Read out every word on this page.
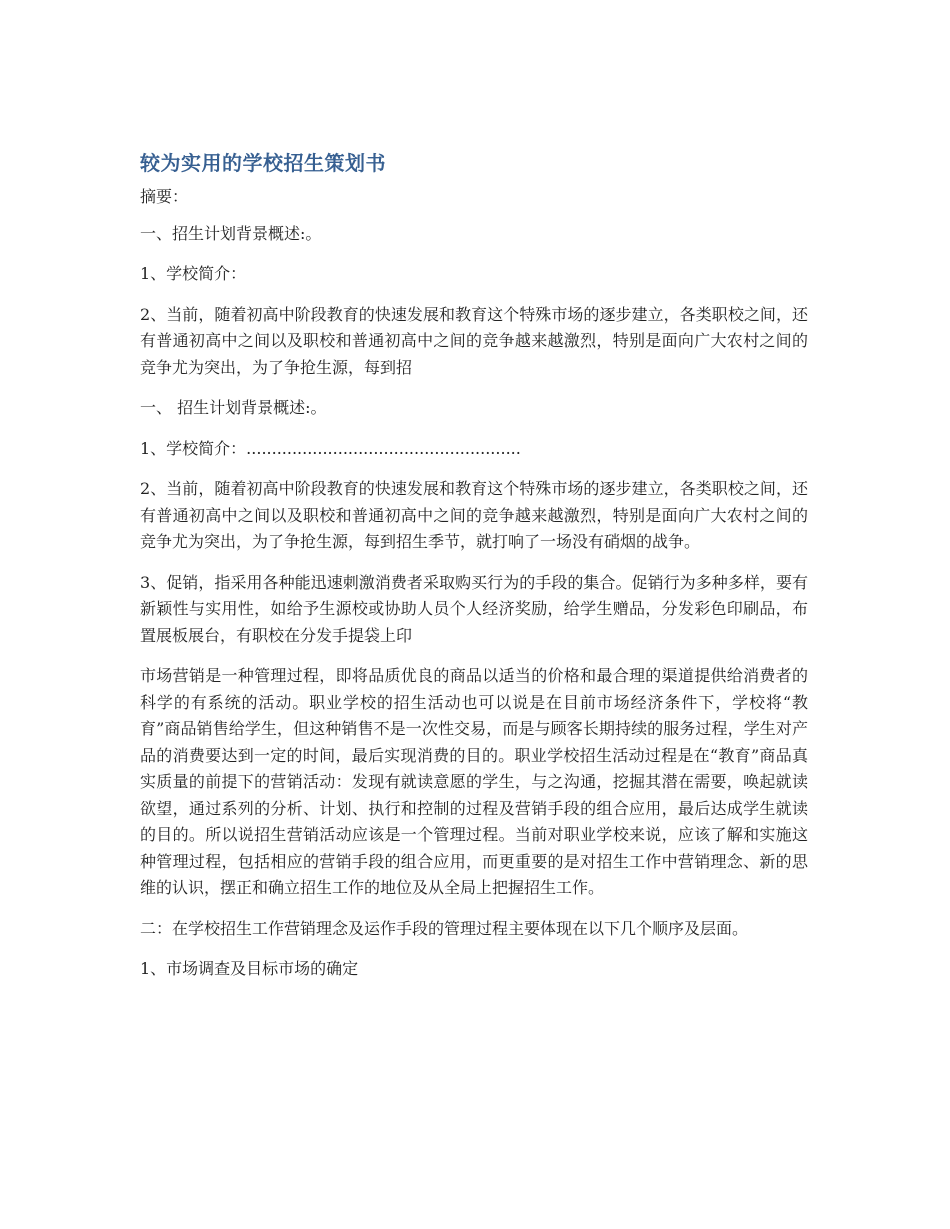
较为实用的学校招生策划书

摘要：

一、招生计划背景概述:。

1、学校简介：

2、当前，随着初高中阶段教育的快速发展和教育这个特殊市场的逐步建立，各类职校之间，还有普通初高中之间以及职校和普通初高中之间的竞争越来越激烈，特别是面向广大农村之间的竞争尤为突出，为了争抢生源，每到招

一、 招生计划背景概述:。

1、学校简介：......................................................

2、当前，随着初高中阶段教育的快速发展和教育这个特殊市场的逐步建立，各类职校之间，还有普通初高中之间以及职校和普通初高中之间的竞争越来越激烈，特别是面向广大农村之间的竞争尤为突出，为了争抢生源，每到招生季节，就打响了一场没有硝烟的战争。

3、促销，指采用各种能迅速刺激消费者采取购买行为的手段的集合。促销行为多种多样，要有新颖性与实用性，如给予生源校或协助人员个人经济奖励，给学生赠品，分发彩色印刷品，布置展板展台，有职校在分发手提袋上印

市场营销是一种管理过程，即将品质优良的商品以适当的价格和最合理的渠道提供给消费者的科学的有系统的活动。职业学校的招生活动也可以说是在目前市场经济条件下，学校将“教育”商品销售给学生，但这种销售不是一次性交易，而是与顾客长期持续的服务过程，学生对产品的消费要达到一定的时间，最后实现消费的目的。职业学校招生活动过程是在“教育”商品真实质量的前提下的营销活动：发现有就读意愿的学生，与之沟通，挖掘其潜在需要，唤起就读欲望，通过系列的分析、计划、执行和控制的过程及营销手段的组合应用，最后达成学生就读的目的。所以说招生营销活动应该是一个管理过程。当前对职业学校来说，应该了解和实施这种管理过程，包括相应的营销手段的组合应用，而更重要的是对招生工作中营销理念、新的思维的认识，摆正和确立招生工作的地位及从全局上把握招生工作。

二：在学校招生工作营销理念及运作手段的管理过程主要体现在以下几个顺序及层面。

1、市场调查及目标市场的确定
